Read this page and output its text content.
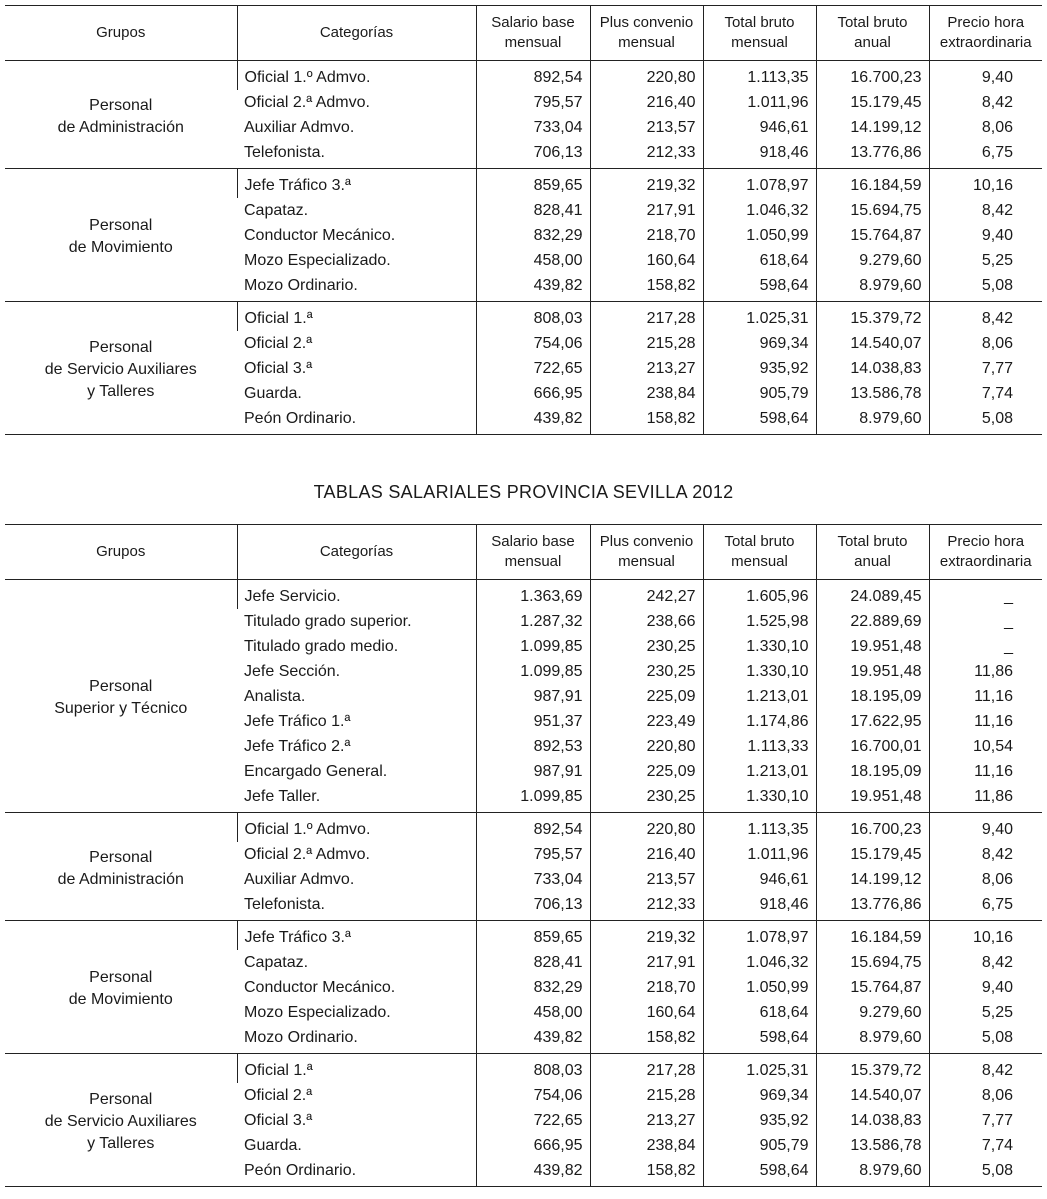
Grupos	Categorías	Salario base mensual	Plus convenio mensual	Total bruto mensual	Total bruto anual	Precio hora extraordinaria

Personal
de Administración	Oficial 1.º Admvo.	892,54	220,80	1.113,35	16.700,23	9,40
	Oficial 2.ª Admvo.	795,57	216,40	1.011,96	15.179,45	8,42
	Auxiliar Admvo.	733,04	213,57	946,61	14.199,12	8,06
	Telefonista.	706,13	212,33	918,46	13.776,86	6,75

Personal
de Movimiento	Jefe Tráfico 3.ª	859,65	219,32	1.078,97	16.184,59	10,16
	Capataz.	828,41	217,91	1.046,32	15.694,75	8,42
	Conductor Mecánico.	832,29	218,70	1.050,99	15.764,87	9,40
	Mozo Especializado.	458,00	160,64	618,64	9.279,60	5,25
	Mozo Ordinario.	439,82	158,82	598,64	8.979,60	5,08

Personal
de Servicio Auxiliares
y Talleres	Oficial 1.ª	808,03	217,28	1.025,31	15.379,72	8,42
	Oficial 2.ª	754,06	215,28	969,34	14.540,07	8,06
	Oficial 3.ª	722,65	213,27	935,92	14.038,83	7,77
	Guarda.	666,95	238,84	905,79	13.586,78	7,74
	Peón Ordinario.	439,82	158,82	598,64	8.979,60	5,08
TABLAS SALARIALES PROVINCIA SEVILLA 2012
Grupos	Categorías	Salario base mensual	Plus convenio mensual	Total bruto mensual	Total bruto anual	Precio hora extraordinaria

Personal
Superior y Técnico	Jefe Servicio.	1.363,69	242,27	1.605,96	24.089,45	_
	Titulado grado superior.	1.287,32	238,66	1.525,98	22.889,69	_
	Titulado grado medio.	1.099,85	230,25	1.330,10	19.951,48	_
	Jefe Sección.	1.099,85	230,25	1.330,10	19.951,48	11,86
	Analista.	987,91	225,09	1.213,01	18.195,09	11,16
	Jefe Tráfico 1.ª	951,37	223,49	1.174,86	17.622,95	11,16
	Jefe Tráfico 2.ª	892,53	220,80	1.113,33	16.700,01	10,54
	Encargado General.	987,91	225,09	1.213,01	18.195,09	11,16
	Jefe Taller.	1.099,85	230,25	1.330,10	19.951,48	11,86

Personal
de Administración	Oficial 1.º Admvo.	892,54	220,80	1.113,35	16.700,23	9,40
	Oficial 2.ª Admvo.	795,57	216,40	1.011,96	15.179,45	8,42
	Auxiliar Admvo.	733,04	213,57	946,61	14.199,12	8,06
	Telefonista.	706,13	212,33	918,46	13.776,86	6,75

Personal
de Movimiento	Jefe Tráfico 3.ª	859,65	219,32	1.078,97	16.184,59	10,16
	Capataz.	828,41	217,91	1.046,32	15.694,75	8,42
	Conductor Mecánico.	832,29	218,70	1.050,99	15.764,87	9,40
	Mozo Especializado.	458,00	160,64	618,64	9.279,60	5,25
	Mozo Ordinario.	439,82	158,82	598,64	8.979,60	5,08

Personal
de Servicio Auxiliares
y Talleres	Oficial 1.ª	808,03	217,28	1.025,31	15.379,72	8,42
	Oficial 2.ª	754,06	215,28	969,34	14.540,07	8,06
	Oficial 3.ª	722,65	213,27	935,92	14.038,83	7,77
	Guarda.	666,95	238,84	905,79	13.586,78	7,74
	Peón Ordinario.	439,82	158,82	598,64	8.979,60	5,08
